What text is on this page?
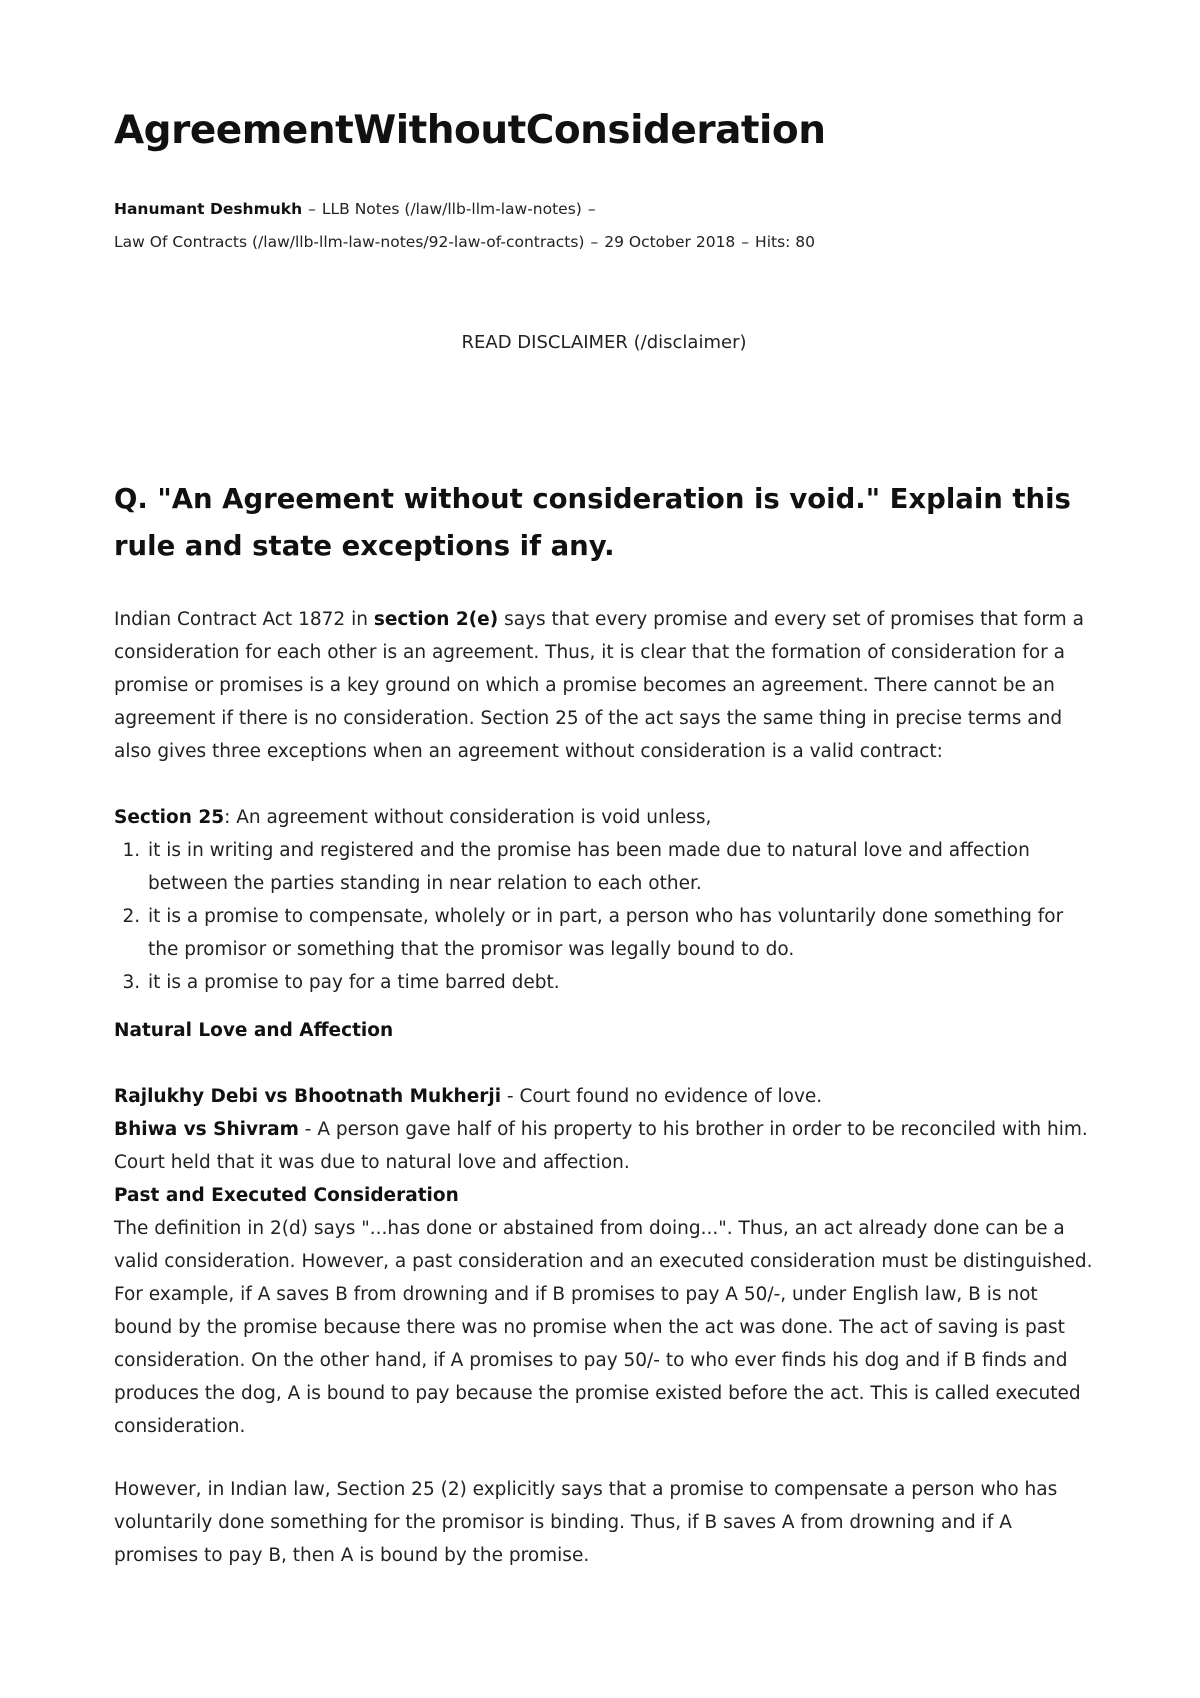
AgreementWithoutConsideration
Hanumant Deshmukh – LLB Notes (/law/llb-llm-law-notes) –
Law Of Contracts (/law/llb-llm-law-notes/92-law-of-contracts) – 29 October 2018 – Hits: 80
READ DISCLAIMER (/disclaimer)
Q. "An Agreement without consideration is void." Explain this rule and state exceptions if any.

Indian Contract Act 1872 in section 2(e) says that every promise and every set of promises that form a consideration for each other is an agreement. Thus, it is clear that the formation of consideration for a promise or promises is a key ground on which a promise becomes an agreement. There cannot be an agreement if there is no consideration. Section 25 of the act says the same thing in precise terms and also gives three exceptions when an agreement without consideration is a valid contract:

Section 25: An agreement without consideration is void unless,

1. it is in writing and registered and the promise has been made due to natural love and affection between the parties standing in near relation to each other.
2. it is a promise to compensate, wholely or in part, a person who has voluntarily done something for the promisor or something that the promisor was legally bound to do.
3. it is a promise to pay for a time barred debt.

Natural Love and Affection

Rajlukhy Debi vs Bhootnath Mukherji - Court found no evidence of love.

Bhiwa vs Shivram - A person gave half of his property to his brother in order to be reconciled with him. Court held that it was due to natural love and affection.

Past and Executed Consideration

The definition in 2(d) says "...has done or abstained from doing...". Thus, an act already done can be a valid consideration. However, a past consideration and an executed consideration must be distinguished. For example, if A saves B from drowning and if B promises to pay A 50/-, under English law, B is not bound by the promise because there was no promise when the act was done. The act of saving is past consideration. On the other hand, if A promises to pay 50/- to who ever finds his dog and if B finds and produces the dog, A is bound to pay because the promise existed before the act. This is called executed consideration.

However, in Indian law, Section 25 (2) explicitly says that a promise to compensate a person who has voluntarily done something for the promisor is binding. Thus, if B saves A from drowning and if A promises to pay B, then A is bound by the promise.
